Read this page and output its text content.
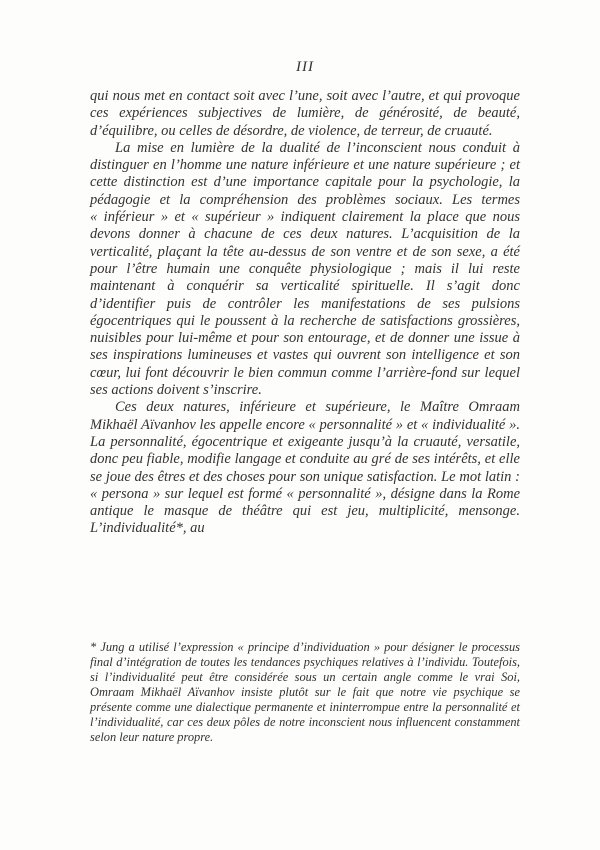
III

qui nous met en contact soit avec l’une, soit avec l’autre, et qui provoque ces expériences subjectives de lumière, de générosité, de beauté, d’équilibre, ou celles de désordre, de violence, de terreur, de cruauté.

La mise en lumière de la dualité de l’inconscient nous conduit à distinguer en l’homme une nature inférieure et une nature supérieure ; et cette distinction est d’une importance capitale pour la psychologie, la pédagogie et la compréhension des problèmes sociaux. Les termes « inférieur » et « supérieur » indiquent clairement la place que nous devons donner à chacune de ces deux natures. L’acquisition de la verticalité, plaçant la tête au-dessus de son ventre et de son sexe, a été pour l’être humain une conquête physiologique ; mais il lui reste maintenant à conquérir sa verticalité spirituelle. Il s’agit donc d’identifier puis de contrôler les manifestations de ses pulsions égocentriques qui le poussent à la recherche de satisfactions grossières, nuisibles pour lui-même et pour son entourage, et de donner une issue à ses inspirations lumineuses et vastes qui ouvrent son intelligence et son cœur, lui font découvrir le bien commun comme l’arrière-fond sur lequel ses actions doivent s’inscrire.

Ces deux natures, inférieure et supérieure, le Maître Omraam Mikhaël Aïvanhov les appelle encore « personnalité » et « individualité ». La personnalité, égocentrique et exigeante jusqu’à la cruauté, versatile, donc peu fiable, modifie langage et conduite au gré de ses intérêts, et elle se joue des êtres et des choses pour son unique satisfaction. Le mot latin : « persona » sur lequel est formé « personnalité », désigne dans la Rome antique le masque de théâtre qui est jeu, multiplicité, mensonge. L’individualité*, au

* Jung a utilisé l’expression « principe d’individuation » pour désigner le processus final d’intégration de toutes les tendances psychiques relatives à l’individu. Toutefois, si l’individualité peut être considérée sous un certain angle comme le vrai Soi, Omraam Mikhaël Aïvanhov insiste plutôt sur le fait que notre vie psychique se présente comme une dialectique permanente et ininterrompue entre la personnalité et l’individualité, car ces deux pôles de notre inconscient nous influencent constamment selon leur nature propre.
